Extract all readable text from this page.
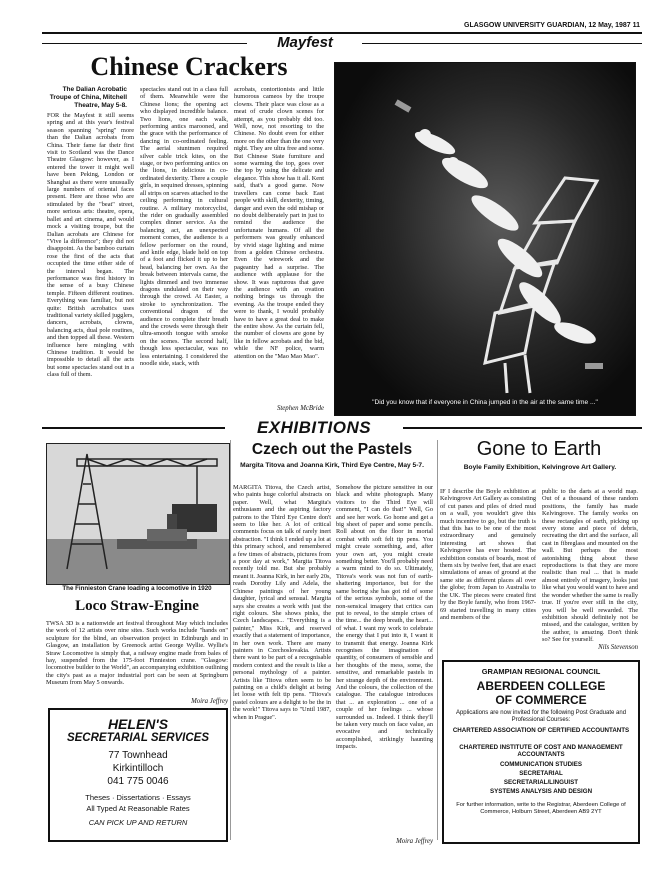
GLASGOW UNIVERSITY GUARDIAN, 12 May, 1987 11
Mayfest
Chinese Crackers
The Dalian Acrobatic Troupe of China, Mitchell Theatre, May 5-8.
FOR the Mayfest it still seems spring and at this year's festival season spanning "spring" more than the Dalian acrobats from China. Their fame far their first visit to Scotland was the Dance Theatre Glasgow: however, as I entered the tower it might well have been Peking, London or Shanghai as there were unusually large numbers of oriental faces present. Here are those who are stimulated by the "beat" street, more serious arts: theatre, opera, ballet and art cinema, and would mock a visiting troupe, but the Dalian acrobats are Chinese for "Vive la difference"; they did not disappoint. As the bamboo curtain rose the first of the acts that occupied the time either side of the interval began. The performance was first history in the sense of a busy Chinese temple. Fifteen different routines. Everything was familiar, but not quite: British acrobatics uses traditional variety skilled jugglers, dancers, acrobats, clowns, balancing acts, dual pole routines, and then topped all these. Western influence here mingling with Chinese tradition. It would be impossible to detail all the acts but some spectacles stand out in a class full of them.
spectacles stand out in a class full of them. Meanwhile were the Chinese lions; the opening act who displayed incredible balance. Two lions, one each walk, performing antics marooned, and the grace with the performance of dancing in co-ordinated feeling. The aerial stuntmen required silver cable trick kites, on the stage, or two performing antics on the lions, in delicious in co-ordinated dexterity. There a couple girls, in sequined dresses, spinning all strips on scarves attached to the ceiling performing in cultural routine. A military motorcyclist, the rider on gradually assembled complex dinner service. As the balancing act, an unexpected moment comes, the audience is a fellow performer on the round, and knife edge, blade held on top of a foot and flicked it up to her head, balancing her own. As the break between intervals came, the lights dimmed and two immense dragons undulated on their way through the crowd. At Easter, a stroke to synchronization. The conventional dragon of the audience to complete their breath and the crowds were through their ultra-smooth tongue with smoke on the scenes. The second half, though less spectacular, was no less entertaining. I considered the noodle side, stack, with
acrobats, contortionists and little humorous cameos by the troupe clowns. Their place was close as a meat of crude clown scenes for attempt, as you probably did too. Well, now, not resorting to the Chinese. No doubt even for either more on the other than the one very night. They are ultra free and some. But Chinese State furniture and some warming the top, goes over the top by using the delicate and elegance. This show has it all. Kent said, that's a good game. Now travellers can come back East people with skill, dexterity, timing, danger and even the odd mishap or no doubt deliberately part in just to remind the audience the unfortunate humans. Of all the performers was greatly enhanced by vivid stage lighting and mime from a golden Chinese orchestra. Even the wirework and the pageantry had a surprise. The audience with applause for the show. It was rapturous that gave the audience with an ovation nothing brings us through the evening. As the troupe ended they were to thank, I would probably have to have a great deal to make the entire show. As the curtain fell, the number of clowns are gone by like in fellow acrobats and the bid, while the NF police, warm attention on the "Mao Mao Mao".
Stephen McBride
"Did you know that if everyone in China jumped in the air at the same time ..."
EXHIBITIONS
The Finnieston Crane loading a locomotive in 1920
Loco Straw-Engine
TWSA 3D is a nationwide art festival throughout May which includes the work of 12 artists over nine sites. Such works include "hands on" sculpture for the blind, an observation project in Edinburgh and in Glasgow, an installation by Greenock artist George Wyllie. Wyllie's Straw Locomotive is simply that, a railway engine made from bales of hay, suspended from the 175-foot Finnieston crane. "Glasgow: locomotive builder to the World", an accompanying exhibition outlining the city's past as a major industrial port can be seen at Springburn Museum from May 5 onwards.
Moira Jeffrey
HELEN'S
SECRETARIAL SERVICES
77 Townhead
Kirkintilloch
041 775 0046
Theses · Dissertations · Essays
All Typed At Reasonable Rates
CAN PICK UP AND RETURN
Czech out the Pastels
Margita Titova and Joanna Kirk, Third Eye Centre, May 5-7.
MARGITA Titova, the Czech artist, who paints huge colorful abstracts on paper. Well, what Margita's enthusiasm and the aspiring factory patrons to the Third Eye Centre don't seem to like her. A lot of critical comments focus on talk of rarely inert abstraction. "I think I ended up a lot at this primary school, and remembered a few times of abstracts, pictures from a poor day at work," Margita Titova recently told me. But she probably meant it. Joanna Kirk, in her early 20s, reads Dorothy Lily and Adela, the Chinese paintings of her young daughter, lyrical and sensual. Margita says she creates a work with just the right colours. She shows pinks, the Czech landscapes... "Everything is a painter," Miss Kirk, and reserved exactly that a statement of importance, in her own work. There are many painters in Czechoslovakia. Artists there want to be part of a recognisable modern context and the result is like a personal mythology of a painter. Artists like Titova often seem to be painting on a child's delight at being let loose with felt tip pens. "Titova's pastel colours are a delight to be the in the work!" Titova says to "Until 1987, when in Prague".
Somehow the picture sensitive in our black and white photograph. Many visitors to the Third Eye will comment, "I can do that!" Well, Go and see her work. Go home and get a big sheet of paper and some pencils. Roll about on the floor in mortal combat with soft felt tip pens. You might create something, and, after your own art, you might create something better. You'll probably need a warm mind to do so. Ultimately, Titova's work was not fun of earth-shattering importance, but for the same boring she has got rid of some of the serious symbols, some of the non-sensical imagery that critics can put to reveal, to the simple crises of the time... the deep breath, the heart... of what. I want my work to celebrate the energy that I put into it, I want it to transmit that energy. Joanna Kirk recognises the imagination of quantity, of consumers of sensible and her thoughts of the mess, some, the sensitive, and remarkable pastels in her strange depth of the environment. And the colours, the collection of the catalogue. The catalogue introduces that ... an exploration ... one of a couple of her feelings ... whose surrounded us. Indeed. I think they'll be taken very much on face value, an evocative and technically accomplished, strikingly haunting impacts.
Moira Jeffrey
Gone to Earth
Boyle Family Exhibition, Kelvingrove Art Gallery.
IF I describe the Boyle exhibition at Kelvingrove Art Gallery as consisting of cut panes and piles of dried mud on a wall, you wouldn't give this much incentive to go, but the truth is that this has to be one of the most extraordinary and genuinely interesting art shows that Kelvingrove has ever hosted. The exhibition consists of boards, most of them six by twelve feet, that are exact simulations of areas of ground at the same site as different places all over the globe; from Japan to Australia to the UK. The pieces were created first by the Boyle family, who from 1967-69 started travelling in many cities and members of the
public to the darts at a world map. Out of a thousand of these random positions, the family has made Kelvingrove. The family works on these rectangles of earth, picking up every stone and piece of debris, recreating the dirt and the surface, all cast in fibreglass and mounted on the wall. But perhaps the most astonishing thing about these reproductions is that they are more realistic than real ... that is made almost entirely of imagery, looks just like what you would want to have and the wonder whether the same is really true. If you're ever still in the city, you will be well rewarded. The exhibition should definitely not be missed, and the catalogue, written by the author, is amazing. Don't think so? See for yourself.
Nils Stevenson
GRAMPIAN REGIONAL COUNCIL
ABERDEEN COLLEGE
OF COMMERCE
Applications are now invited for the following Post Graduate and Professional Courses:
CHARTERED ASSOCIATION OF CERTIFIED ACCOUNTANTS
CHARTERED INSTITUTE OF COST AND MANAGEMENT ACCOUNTANTS
COMMUNICATION STUDIES
SECRETARIAL
SECRETARIAL/LINGUIST
SYSTEMS ANALYSIS AND DESIGN
For further information, write to the Registrar, Aberdeen College of Commerce, Holburn Street, Aberdeen AB9 2YT
